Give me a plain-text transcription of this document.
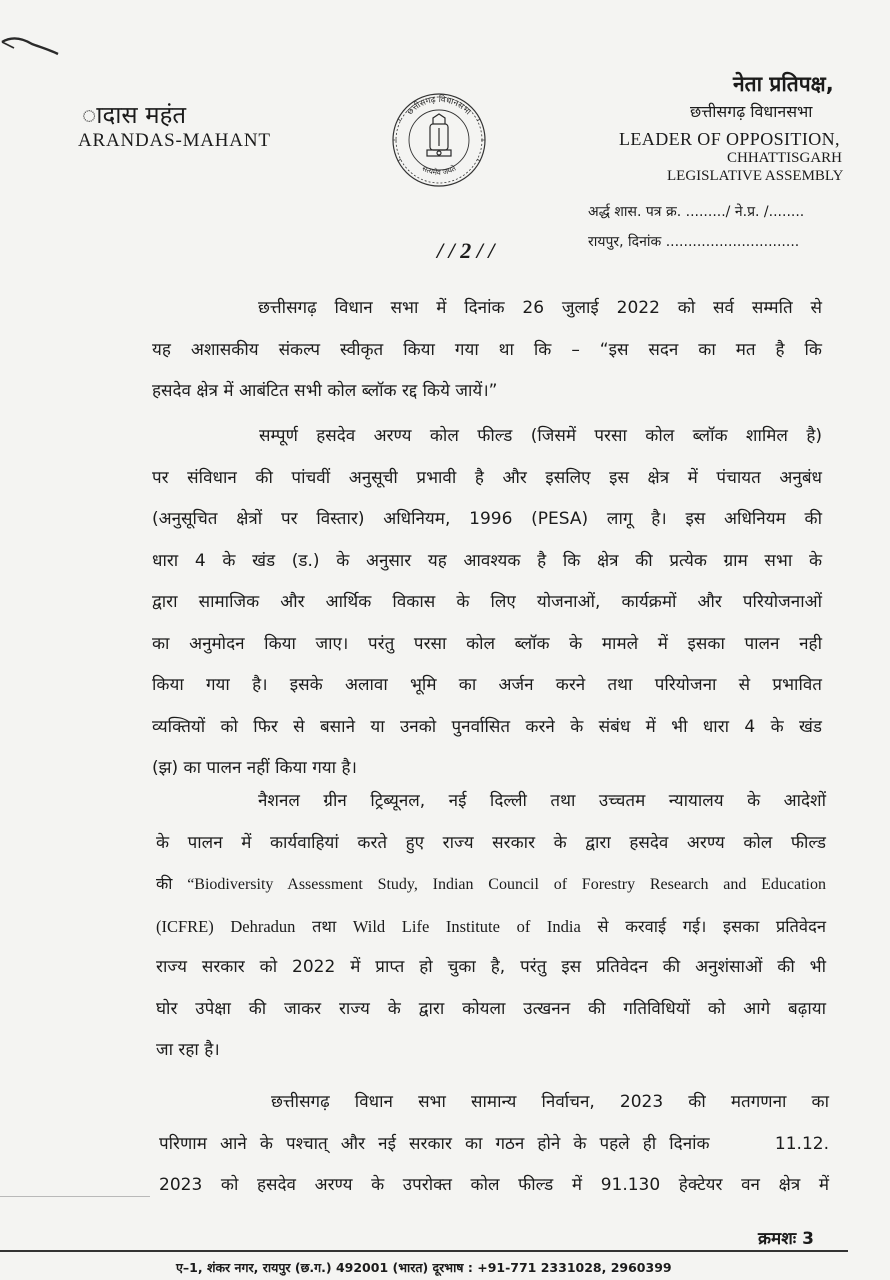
ादास महंत
ARANDAS-MAHANT
छत्तीसगढ़ विधानसभा
सत्यमेव जयते
नेता प्रतिपक्ष,
छत्तीसगढ़ विधानसभा
LEADER OF OPPOSITION,
CHHATTISGARH
LEGISLATIVE ASSEMBLY
अर्द्ध शास. पत्र क्र. ........./ ने.प्र. /........
रायपुर, दिनांक ..............................
/ / 2 / /
छत्तीसगढ़ विधान सभा में दिनांक 26 जुलाई 2022 को सर्व सम्मति से
यह अशासकीय संकल्प स्वीकृत किया गया था कि – “इस सदन का मत है कि
हसदेव क्षेत्र में आबंटित सभी कोल ब्लॉक रद्द किये जायें।”
सम्पूर्ण हसदेव अरण्य कोल फील्ड (जिसमें परसा कोल ब्लॉक शामिल है)
पर संविधान की पांचवीं अनुसूची प्रभावी है और इसलिए इस क्षेत्र में पंचायत अनुबंध
(अनुसूचित क्षेत्रों पर विस्तार) अधिनियम, 1996 (PESA) लागू है। इस अधिनियम की
धारा 4 के खंड (ड.) के अनुसार यह आवश्यक है कि क्षेत्र की प्रत्येक ग्राम सभा के
द्वारा सामाजिक और आर्थिक विकास के लिए योजनाओं, कार्यक्रमों और परियोजनाओं
का अनुमोदन किया जाए। परंतु परसा कोल ब्लॉक के मामले में इसका पालन नही
किया गया है। इसके अलावा भूमि का अर्जन करने तथा परियोजना से प्रभावित
व्यक्तियों को फिर से बसाने या उनको पुनर्वासित करने के संबंध में भी धारा 4 के खंड
(झ) का पालन नहीं किया गया है।
नैशनल ग्रीन ट्रिब्यूनल, नई दिल्ली तथा उच्चतम न्यायालय के आदेशों
के पालन में कार्यवाहियां करते हुए राज्य सरकार के द्वारा हसदेव अरण्य कोल फील्ड
की “Biodiversity Assessment Study, Indian Council of Forestry Research and Education
(ICFRE) Dehradun तथा Wild Life Institute of India से करवाई गई। इसका प्रतिवेदन
राज्य सरकार को 2022 में प्राप्त हो चुका है, परंतु इस प्रतिवेदन की अनुशंसाओं की भी
घोर उपेक्षा की जाकर राज्य के द्वारा कोयला उत्खनन की गतिविधियों को आगे बढ़ाया
जा रहा है।
छत्तीसगढ़ विधान सभा सामान्य निर्वाचन, 2023 की मतगणना का
परिणाम आने के पश्चात् और नई सरकार का गठन होने के पहले ही दिनांक     11.12.
2023 को हसदेव अरण्य के उपरोक्त कोल फील्ड में 91.130 हेक्टेयर वन क्षेत्र में
क्रमशः 3
ए–1, शंकर नगर, रायपुर (छ.ग.) 492001 (भारत) दूरभाष : +91-771 2331028, 2960399
